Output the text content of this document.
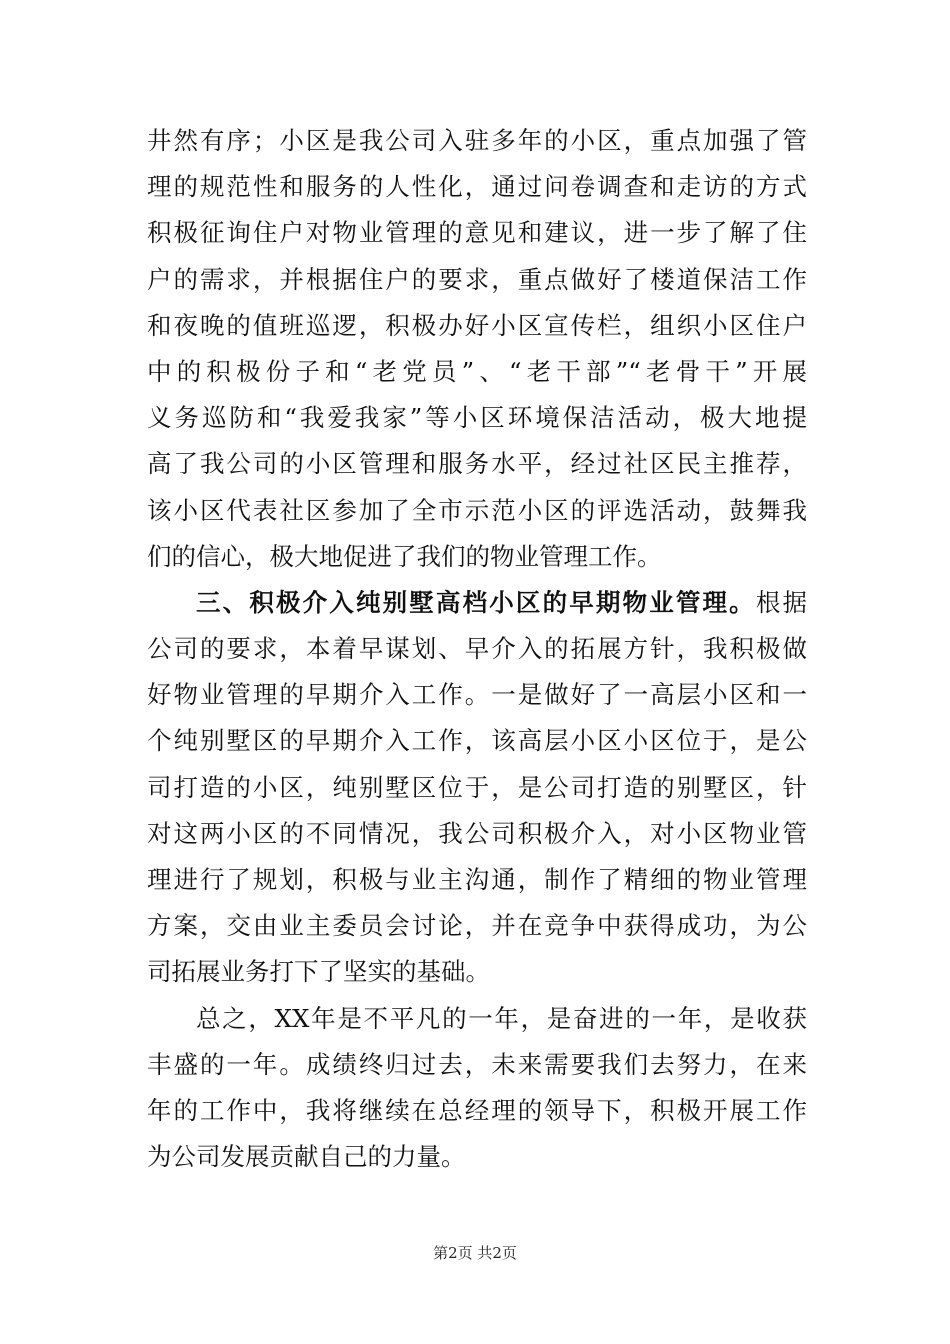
井然有序；小区是我公司入驻多年的小区，重点加强了管
理的规范性和服务的人性化，通过问卷调查和走访的方式
积极征询住户对物业管理的意见和建议，进一步了解了住
户的需求，并根据住户的要求，重点做好了楼道保洁工作
和夜晚的值班巡逻，积极办好小区宣传栏，组织小区住户
中的积极份子和“老党员”、“老干部”“老骨干”开展
义务巡防和“我爱我家”等小区环境保洁活动，极大地提
高了我公司的小区管理和服务水平，经过社区民主推荐，
该小区代表社区参加了全市示范小区的评选活动，鼓舞我
们的信心，极大地促进了我们的物业管理工作。
三、积极介入纯别墅高档小区的早期物业管理。根据
公司的要求，本着早谋划、早介入的拓展方针，我积极做
好物业管理的早期介入工作。一是做好了一高层小区和一
个纯别墅区的早期介入工作，该高层小区小区位于，是公
司打造的小区，纯别墅区位于，是公司打造的别墅区，针
对这两小区的不同情况，我公司积极介入，对小区物业管
理进行了规划，积极与业主沟通，制作了精细的物业管理
方案，交由业主委员会讨论，并在竞争中获得成功，为公
司拓展业务打下了坚实的基础。
总之，XX年是不平凡的一年，是奋进的一年，是收获
丰盛的一年。成绩终归过去，未来需要我们去努力，在来
年的工作中，我将继续在总经理的领导下，积极开展工作
为公司发展贡献自己的力量。
第2页 共2页
